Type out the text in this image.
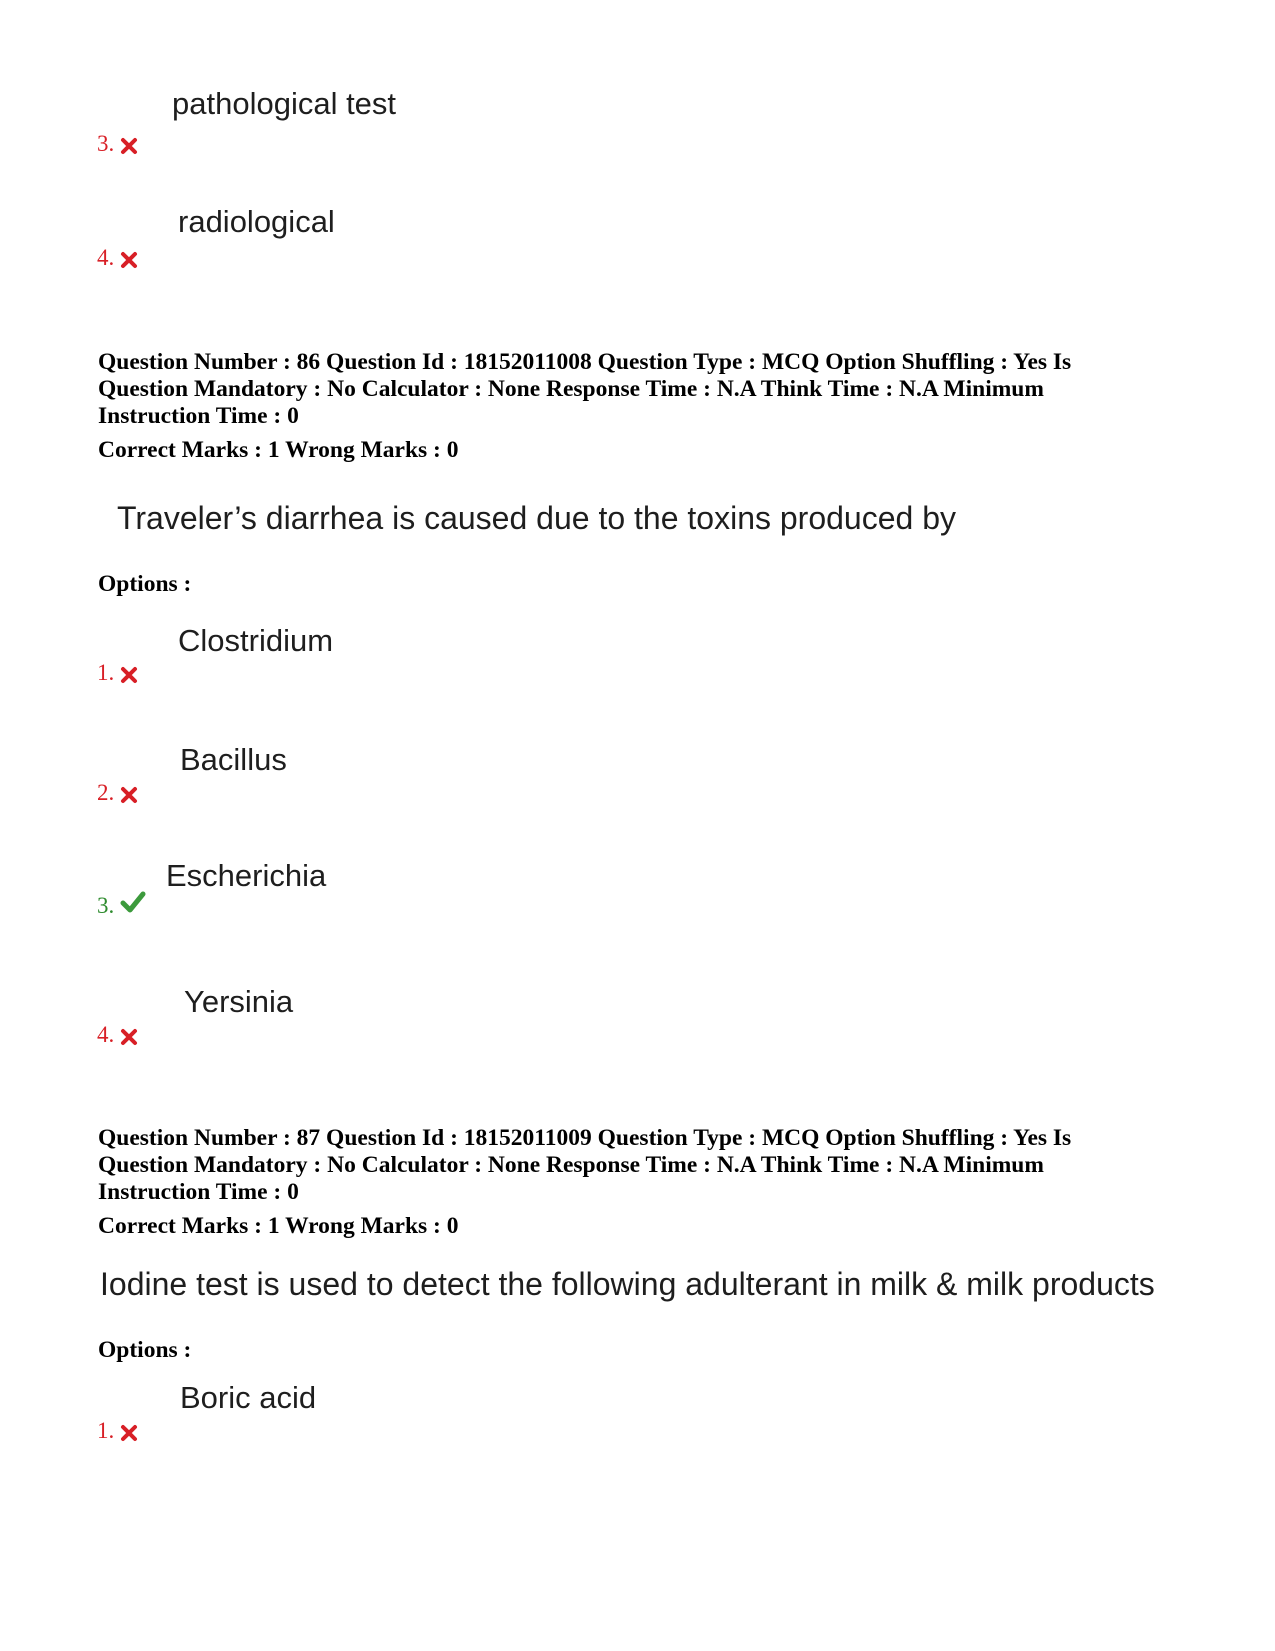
pathological test
3.
radiological
4.
Question Number : 86 Question Id : 18152011008 Question Type : MCQ Option Shuffling : Yes Is
Question Mandatory : No Calculator : None Response Time : N.A Think Time : N.A Minimum
Instruction Time : 0
Correct Marks : 1 Wrong Marks : 0
Traveler’s diarrhea is caused due to the toxins produced by
Options :
Clostridium
1.
Bacillus
2.
Escherichia
3.
Yersinia
4.
Question Number : 87 Question Id : 18152011009 Question Type : MCQ Option Shuffling : Yes Is
Question Mandatory : No Calculator : None Response Time : N.A Think Time : N.A Minimum
Instruction Time : 0
Correct Marks : 1 Wrong Marks : 0
Iodine test is used to detect the following adulterant in milk & milk products
Options :
Boric acid
1.
